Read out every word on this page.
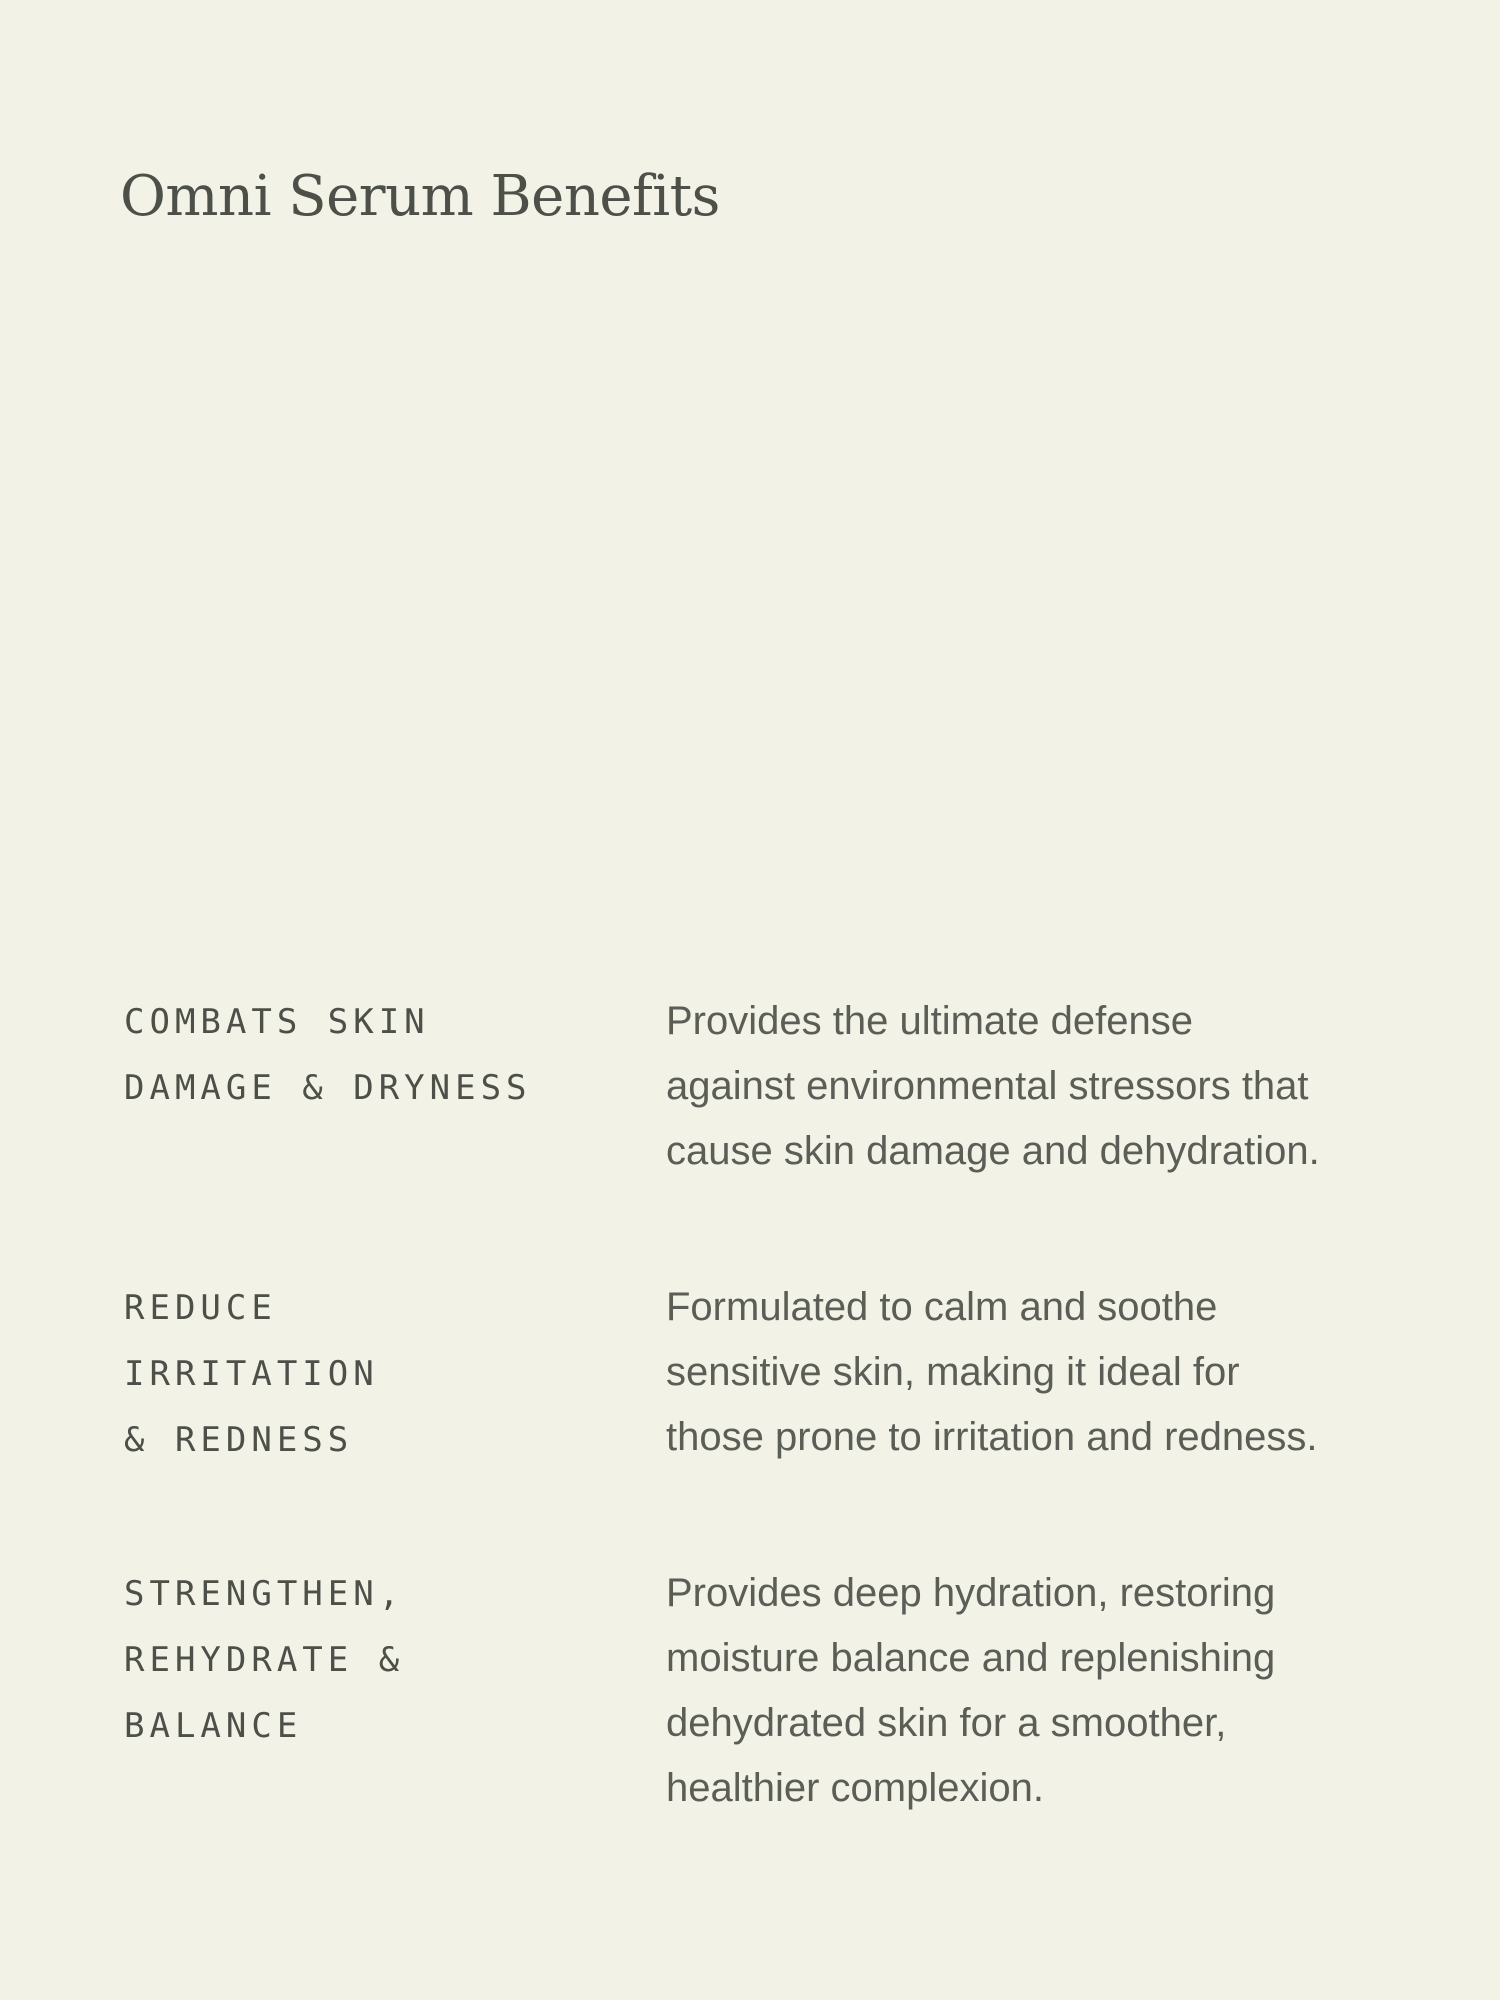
Omni Serum Benefits
COMBATS SKIN
DAMAGE & DRYNESS

Provides the ultimate defense
against environmental stressors that
cause skin damage and dehydration.

REDUCE
IRRITATION
& REDNESS

Formulated to calm and soothe
sensitive skin, making it ideal for
those prone to irritation and redness.

STRENGTHEN,
REHYDRATE &
BALANCE

Provides deep hydration, restoring
moisture balance and replenishing
dehydrated skin for a smoother,
healthier complexion.
